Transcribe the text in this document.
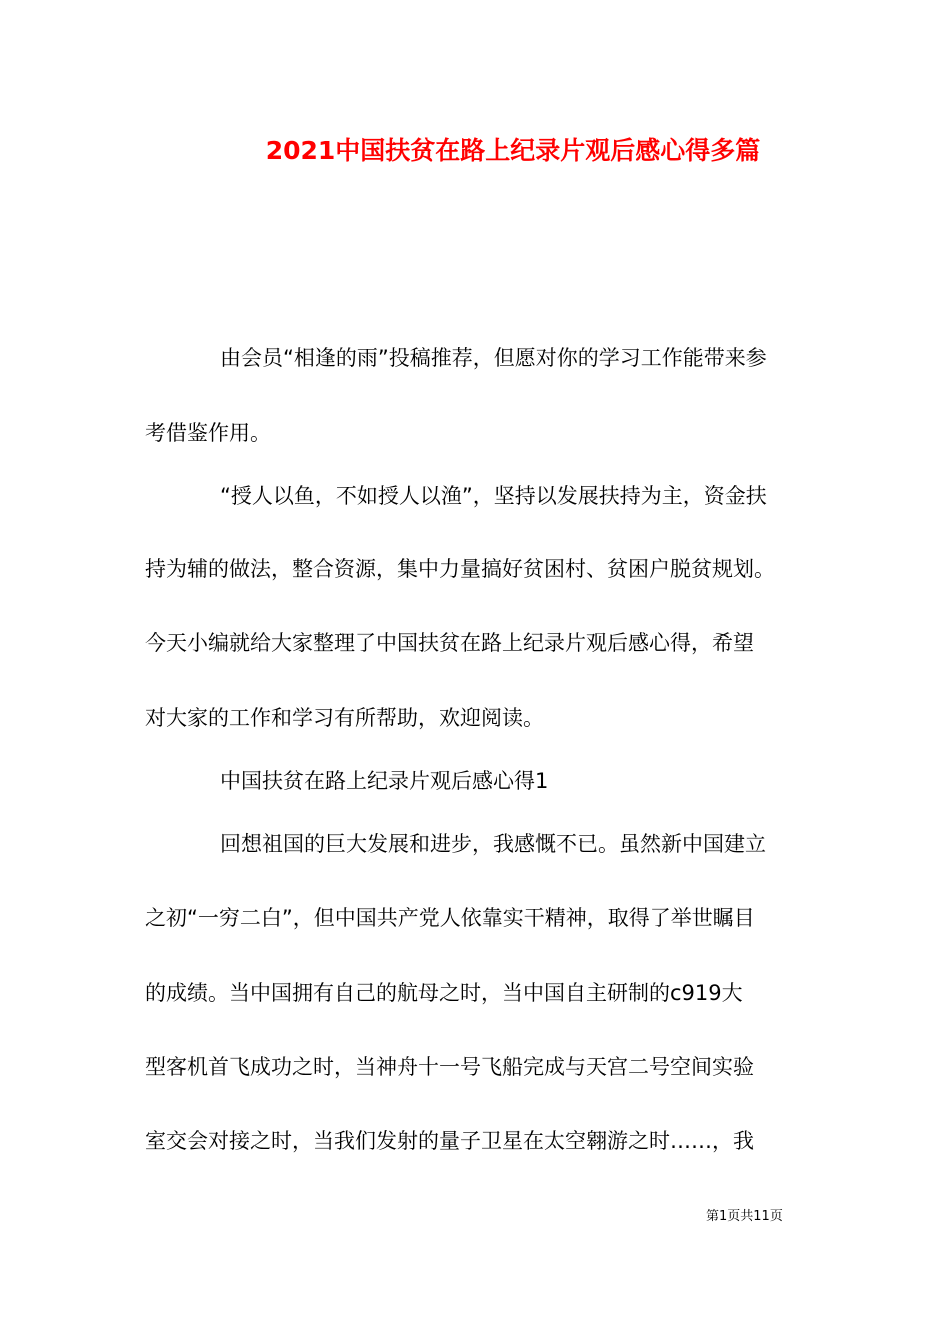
2021中国扶贫在路上纪录片观后感心得多篇
由会员“相逢的雨”投稿推荐，但愿对你的学习工作能带来参
考借鉴作用。
“授人以鱼，不如授人以渔”，坚持以发展扶持为主，资金扶
持为辅的做法，整合资源，集中力量搞好贫困村、贫困户脱贫规划。
今天小编就给大家整理了中国扶贫在路上纪录片观后感心得，希望
对大家的工作和学习有所帮助，欢迎阅读。
中国扶贫在路上纪录片观后感心得1
回想祖国的巨大发展和进步，我感慨不已。虽然新中国建立
之初“一穷二白”，但中国共产党人依靠实干精神，取得了举世瞩目
的成绩。当中国拥有自己的航母之时，当中国自主研制的c919大
型客机首飞成功之时，当神舟十一号飞船完成与天宫二号空间实验
室交会对接之时，当我们发射的量子卫星在太空翱游之时……，我
第1页共11页
